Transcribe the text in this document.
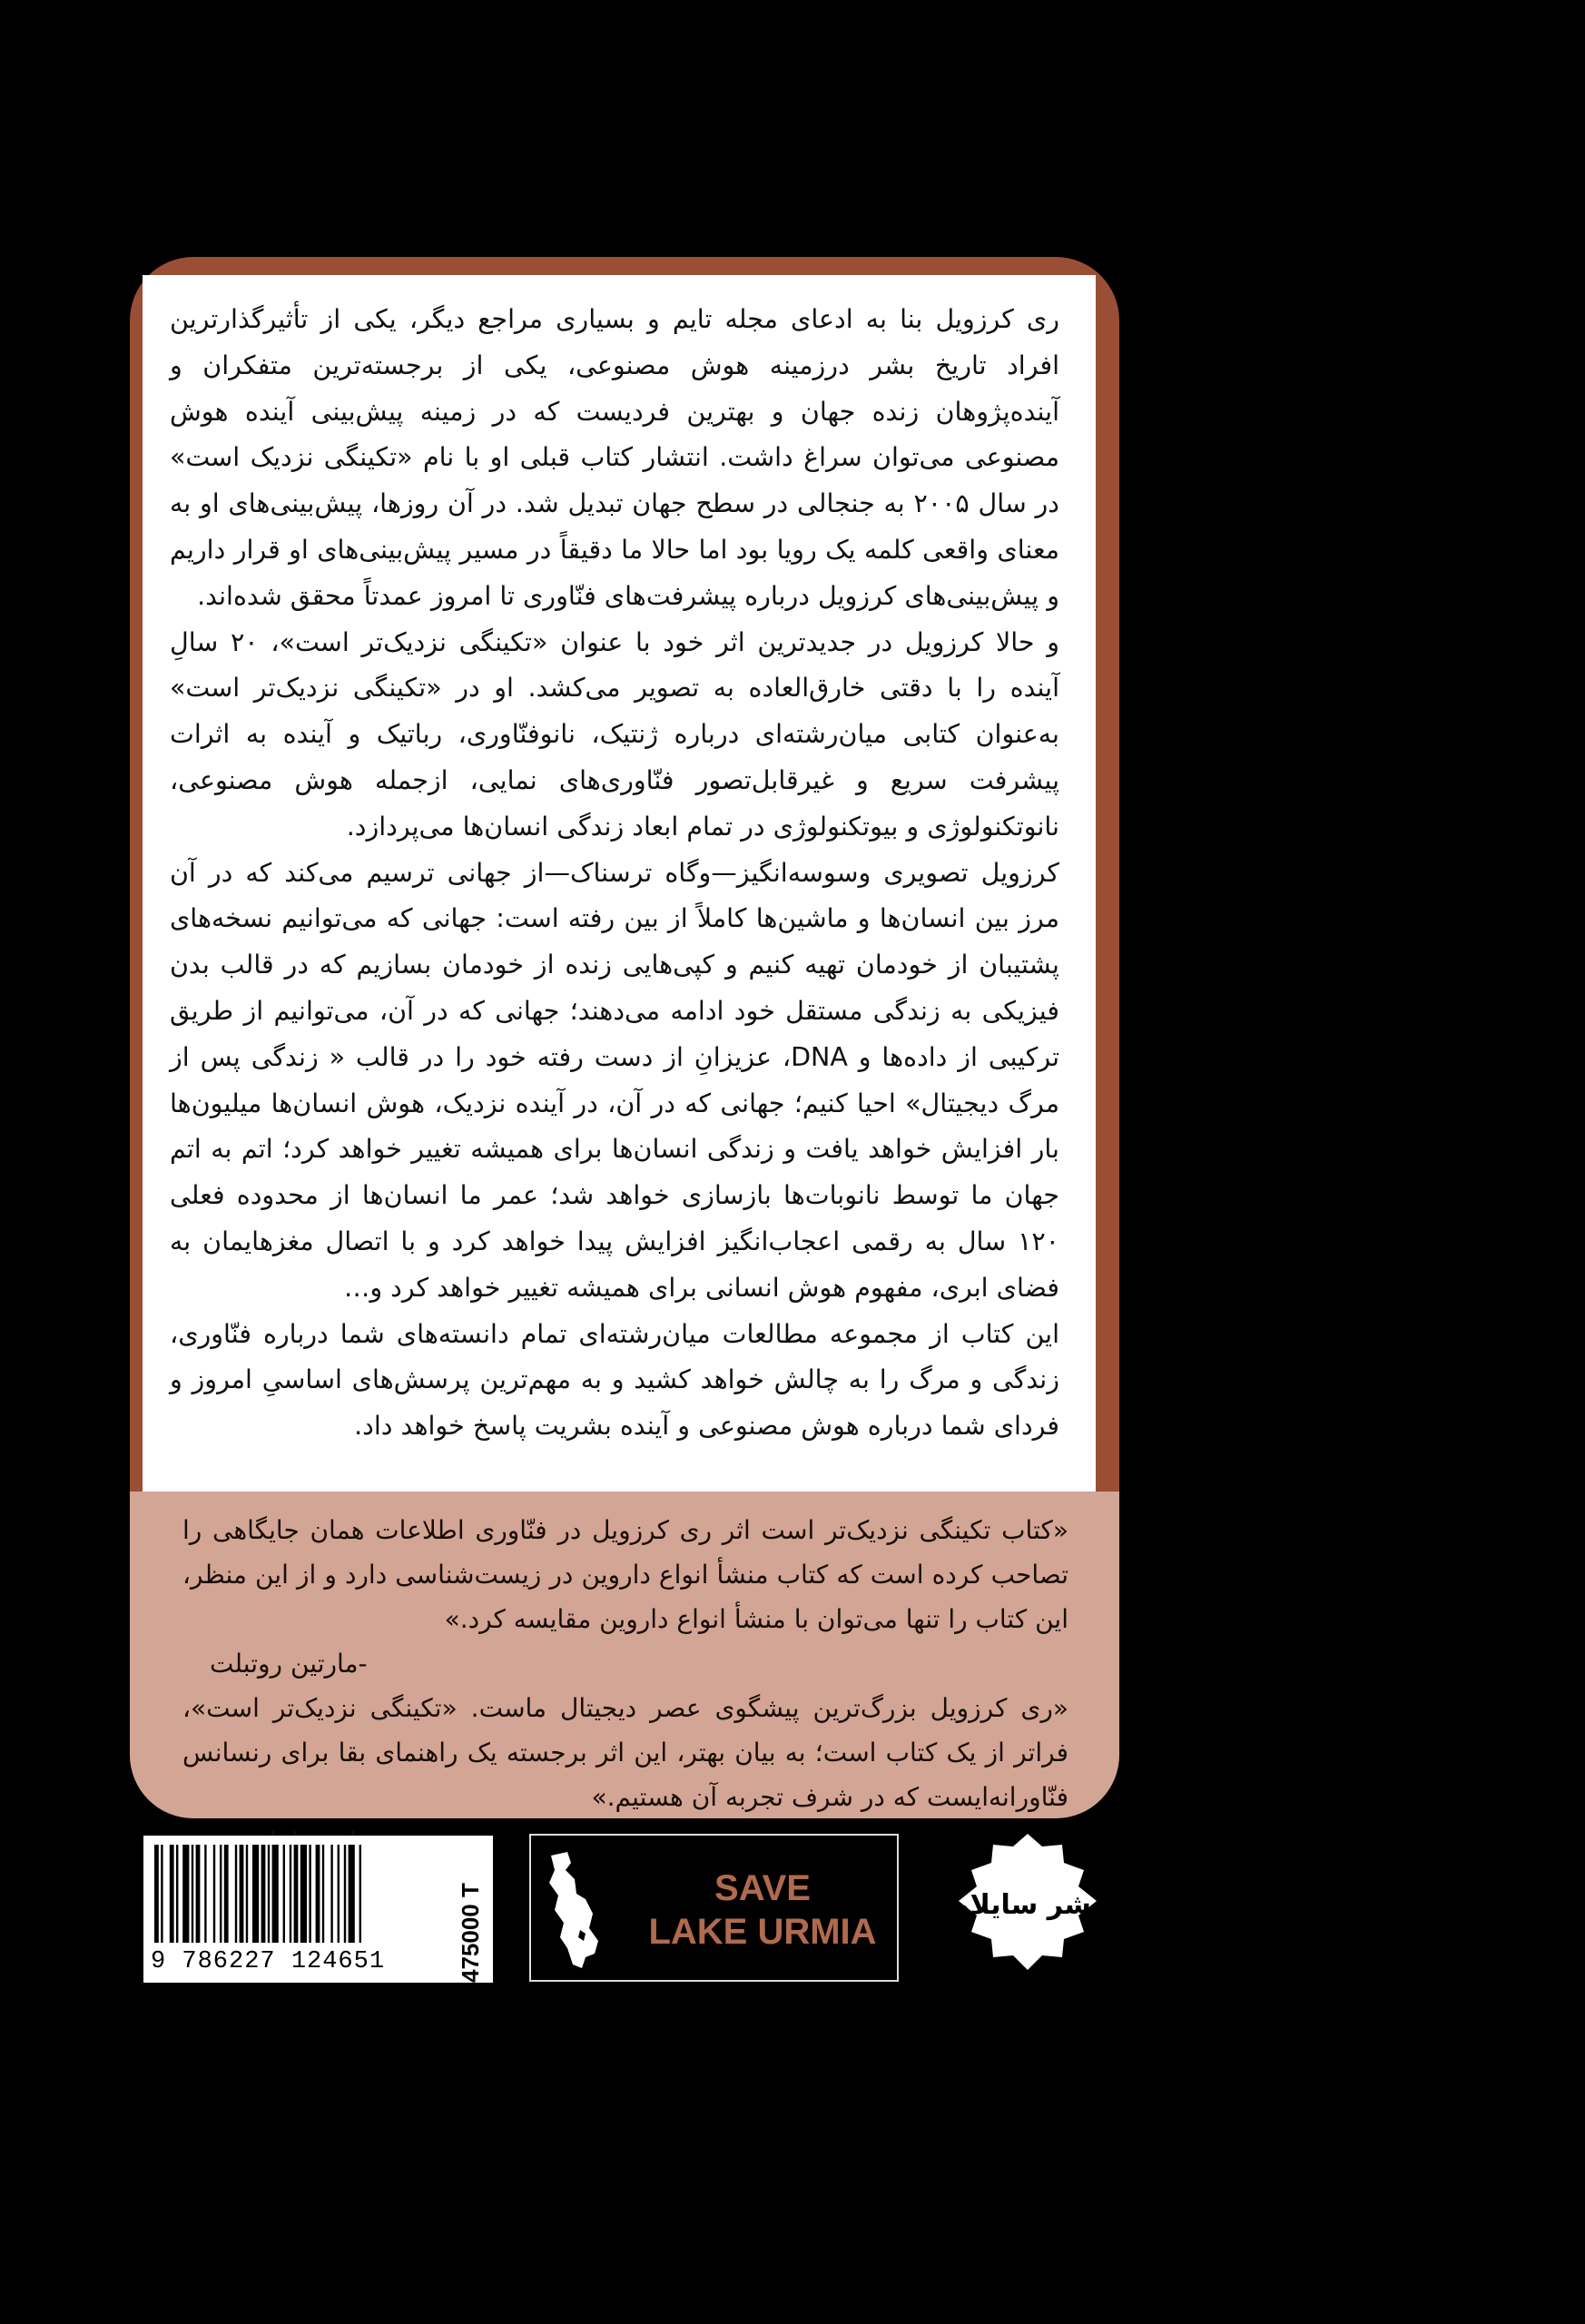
ری کرزویل بنا به ادعای مجله تایم و بسیاری مراجع دیگر، یکی از تأثیرگذارترین افراد تاریخ بشر درزمینه هوش مصنوعی، یکی از برجسته‌ترین متفکران و آینده‌پژوهان زنده جهان و بهترین فردیست که در زمینه پیش‌بینی آینده هوش مصنوعی می‌توان سراغ داشت. انتشار کتاب قبلی او با نام «تکینگی نزدیک است» در سال ۲۰۰۵ به جنجالی در سطح جهان تبدیل شد. در آن روزها، پیش‌بینی‌های او به معنای واقعی کلمه یک رویا بود اما حالا ما دقیقاً در مسیر پیش‌بینی‌های او قرار داریم و پیش‌بینی‌های کرزویل درباره پیشرفت‌های فنّاوری تا امروز عمدتاً محقق شده‌اند.

و حالا کرزویل در جدیدترین اثر خود با عنوان «تکینگی نزدیک‌تر است»، ۲۰ سالِ آینده را با دقتی خارق‌العاده به تصویر می‌کشد. او در «تکینگی نزدیک‌تر است» به‌عنوان کتابی میان‌رشته‌ای درباره ژنتیک، نانوفنّاوری، رباتیک و آینده به اثرات پیشرفت سریع و غیرقابل‌تصور فنّاوری‌های نمایی، ازجمله هوش مصنوعی، نانوتکنولوژی و بیوتکنولوژی در تمام ابعاد زندگی انسان‌ها می‌پردازد.

کرزویل تصویری وسوسه‌انگیز—وگاه ترسناک—از جهانی ترسیم می‌کند که در آن مرز بین انسان‌ها و ماشین‌ها کاملاً از بین رفته است: جهانی که می‌توانیم نسخه‌های پشتیبان از خودمان تهیه کنیم و کپی‌هایی زنده از خودمان بسازیم که در قالب بدن فیزیکی به زندگی مستقل خود ادامه می‌دهند؛ جهانی که در آن، می‌توانیم از طریق ترکیبی از داده‌ها و DNA، عزیزانِ از دست رفته خود را در قالب « زندگی پس از مرگ دیجیتال» احیا کنیم؛ جهانی که در آن، در آینده نزدیک، هوش انسان‌ها میلیون‌ها بار افزایش خواهد یافت و زندگی انسان‌ها برای همیشه تغییر خواهد کرد؛ اتم به اتم جهان ما توسط نانوبات‌ها بازسازی خواهد شد؛ عمر ما انسان‌ها از محدوده فعلی ۱۲۰ سال به رقمی اعجاب‌انگیز افزایش پیدا خواهد کرد و با اتصال مغزهایمان به فضای ابری، مفهوم هوش انسانی برای همیشه تغییر خواهد کرد و…

این کتاب از مجموعه مطالعات میان‌رشته‌ای تمام دانسته‌های شما درباره فنّاوری، زندگی و مرگ را به چالش خواهد کشید و به مهم‌ترین پرسش‌های اساسیِ امروز و فردای شما درباره هوش مصنوعی و آینده بشریت پاسخ خواهد داد.

«کتاب تکینگی نزدیک‌تر است اثر ری کرزویل در فنّاوری اطلاعات همان جایگاهی را تصاحب کرده است که کتاب منشأ انواع داروین در زیست‌شناسی دارد و از این منظر، این کتاب را تنها می‌توان با منشأ انواع داروین مقایسه کرد.»
-مارتین روتبلت

«ری کرزویل بزرگ‌ترین پیشگوی عصر دیجیتال ماست. «تکینگی نزدیک‌تر است»، فراتر از یک کتاب است؛ به بیان بهتر، این اثر برجسته یک راهنمای بقا برای رنسانس فنّاورانه‌ایست که در شرف تجربه آن هستیم.»

9 786227 124651	475000 T	SAVE
LAKE URMIA
نشر سایلاو
